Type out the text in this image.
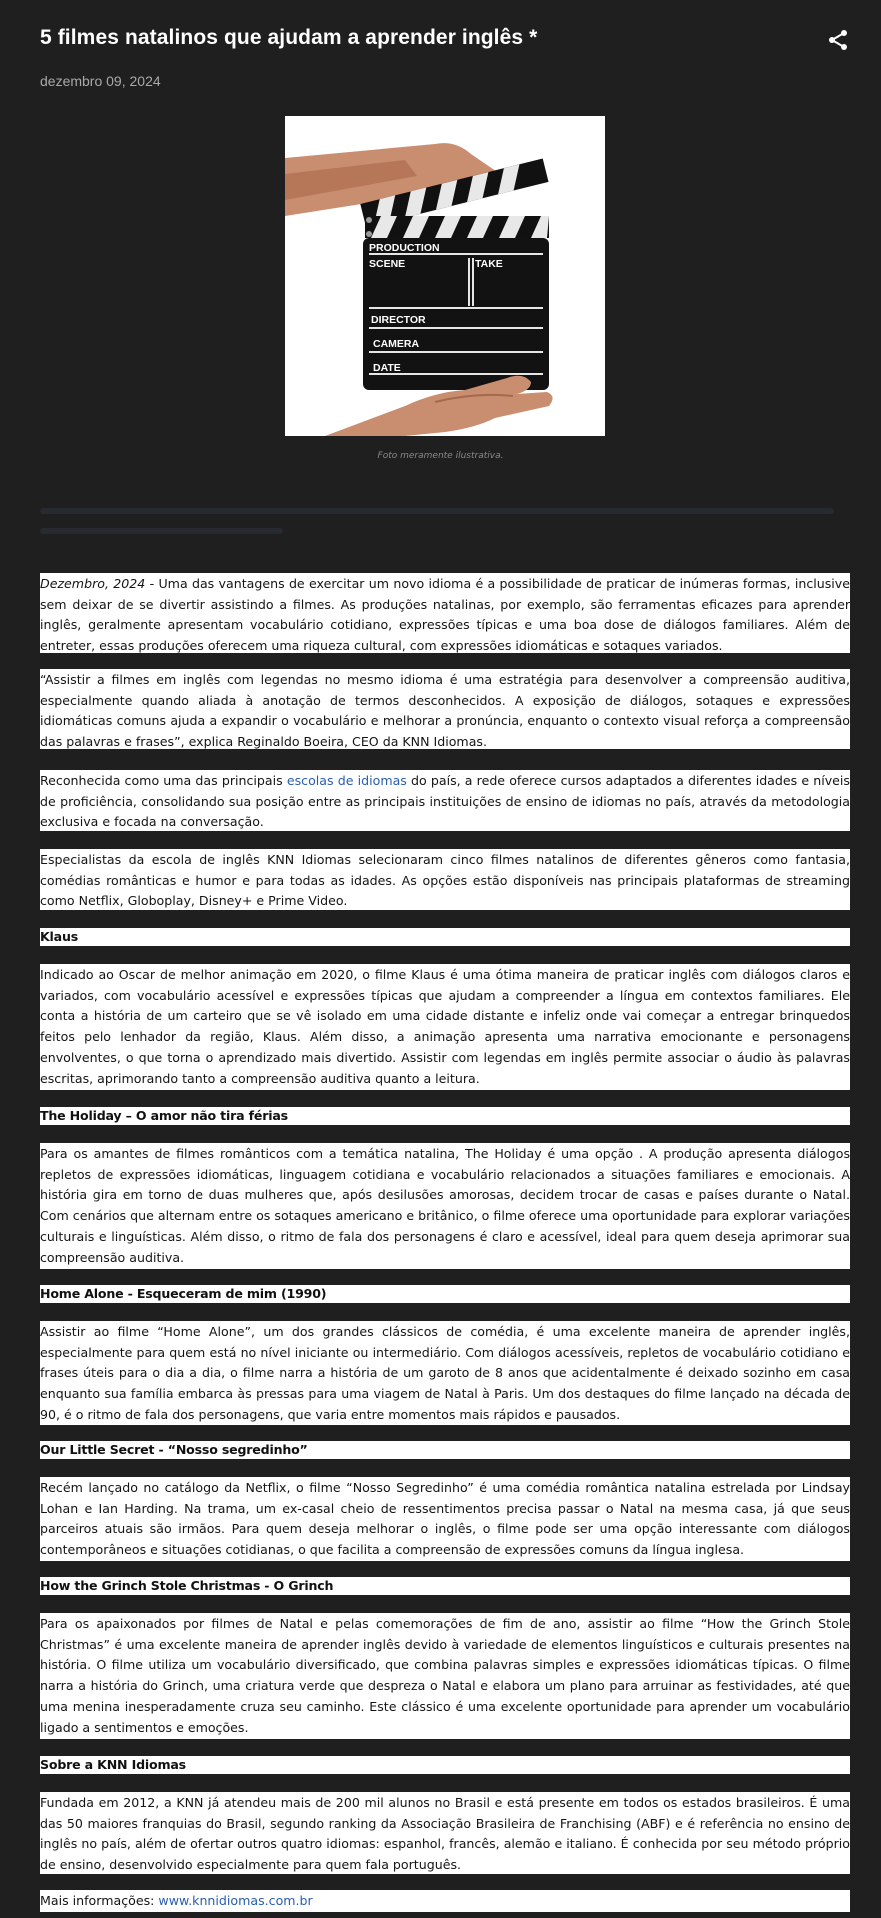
5 filmes natalinos que ajudam a aprender inglês *
dezembro 09, 2024
PRODUCTION
SCENE	TAKE
DIRECTOR
CAMERA
DATE
Foto meramente ilustrativa.
Dezembro, 2024 - Uma das vantagens de exercitar um novo idioma é a possibilidade de praticar de inúmeras formas, inclusive sem deixar de se divertir assistindo a filmes. As produções natalinas, por exemplo, são ferramentas eficazes para aprender inglês, geralmente apresentam vocabulário cotidiano, expressões típicas e uma boa dose de diálogos familiares. Além de entreter, essas produções oferecem uma riqueza cultural, com expressões idiomáticas e sotaques variados.
“Assistir a filmes em inglês com legendas no mesmo idioma é uma estratégia para desenvolver a compreensão auditiva, especialmente quando aliada à anotação de termos desconhecidos. A exposição de diálogos, sotaques e expressões idiomáticas comuns ajuda a expandir o vocabulário e melhorar a pronúncia, enquanto o contexto visual reforça a compreensão das palavras e frases”, explica Reginaldo Boeira, CEO da KNN Idiomas.
Reconhecida como uma das principais escolas de idiomas do país, a rede oferece cursos adaptados a diferentes idades e níveis de proficiência, consolidando sua posição entre as principais instituições de ensino de idiomas no país, através da metodologia exclusiva e focada na conversação.
Especialistas da escola de inglês KNN Idiomas selecionaram cinco filmes natalinos de diferentes gêneros como fantasia, comédias românticas e humor e para todas as idades. As opções estão disponíveis nas principais plataformas de streaming como Netflix, Globoplay, Disney+ e Prime Video.
Klaus
Indicado ao Oscar de melhor animação em 2020, o filme Klaus é uma ótima maneira de praticar inglês com diálogos claros e variados, com vocabulário acessível e expressões típicas que ajudam a compreender a língua em contextos familiares. Ele conta a história de um carteiro que se vê isolado em uma cidade distante e infeliz onde vai começar a entregar brinquedos feitos pelo lenhador da região, Klaus. Além disso, a animação apresenta uma narrativa emocionante e personagens envolventes, o que torna o aprendizado mais divertido. Assistir com legendas em inglês permite associar o áudio às palavras escritas, aprimorando tanto a compreensão auditiva quanto a leitura.
The Holiday – O amor não tira férias
Para os amantes de filmes românticos com a temática natalina, The Holiday é uma opção . A produção apresenta diálogos repletos de expressões idiomáticas, linguagem cotidiana e vocabulário relacionados a situações familiares e emocionais. A história gira em torno de duas mulheres que, após desilusões amorosas, decidem trocar de casas e países durante o Natal. Com cenários que alternam entre os sotaques americano e britânico, o filme oferece uma oportunidade para explorar variações culturais e linguísticas. Além disso, o ritmo de fala dos personagens é claro e acessível, ideal para quem deseja aprimorar sua compreensão auditiva.
Home Alone - Esqueceram de mim (1990)
Assistir ao filme “Home Alone”, um dos grandes clássicos de comédia, é uma excelente maneira de aprender inglês, especialmente para quem está no nível iniciante ou intermediário. Com diálogos acessíveis, repletos de vocabulário cotidiano e frases úteis para o dia a dia, o filme narra a história de um garoto de 8 anos que acidentalmente é deixado sozinho em casa enquanto sua família embarca às pressas para uma viagem de Natal à Paris. Um dos destaques do filme lançado na década de 90, é o ritmo de fala dos personagens, que varia entre momentos mais rápidos e pausados.
Our Little Secret - “Nosso segredinho”
Recém lançado no catálogo da Netflix, o filme “Nosso Segredinho” é uma comédia romântica natalina estrelada por Lindsay Lohan e Ian Harding. Na trama, um ex-casal cheio de ressentimentos precisa passar o Natal na mesma casa, já que seus parceiros atuais são irmãos. Para quem deseja melhorar o inglês, o filme pode ser uma opção interessante com diálogos contemporâneos e situações cotidianas, o que facilita a compreensão de expressões comuns da língua inglesa.
How the Grinch Stole Christmas - O Grinch
Para os apaixonados por filmes de Natal e pelas comemorações de fim de ano, assistir ao filme “How the Grinch Stole Christmas” é uma excelente maneira de aprender inglês devido à variedade de elementos linguísticos e culturais presentes na história. O filme utiliza um vocabulário diversificado, que combina palavras simples e expressões idiomáticas típicas. O filme narra a história do Grinch, uma criatura verde que despreza o Natal e elabora um plano para arruinar as festividades, até que uma menina inesperadamente cruza seu caminho. Este clássico é uma excelente oportunidade para aprender um vocabulário ligado a sentimentos e emoções.
Sobre a KNN Idiomas
Fundada em 2012, a KNN já atendeu mais de 200 mil alunos no Brasil e está presente em todos os estados brasileiros. É uma das 50 maiores franquias do Brasil, segundo ranking da Associação Brasileira de Franchising (ABF) e é referência no ensino de inglês no país, além de ofertar outros quatro idiomas: espanhol, francês, alemão e italiano. É conhecida por seu método próprio de ensino, desenvolvido especialmente para quem fala português.
Mais informações: www.knnidiomas.com.br
